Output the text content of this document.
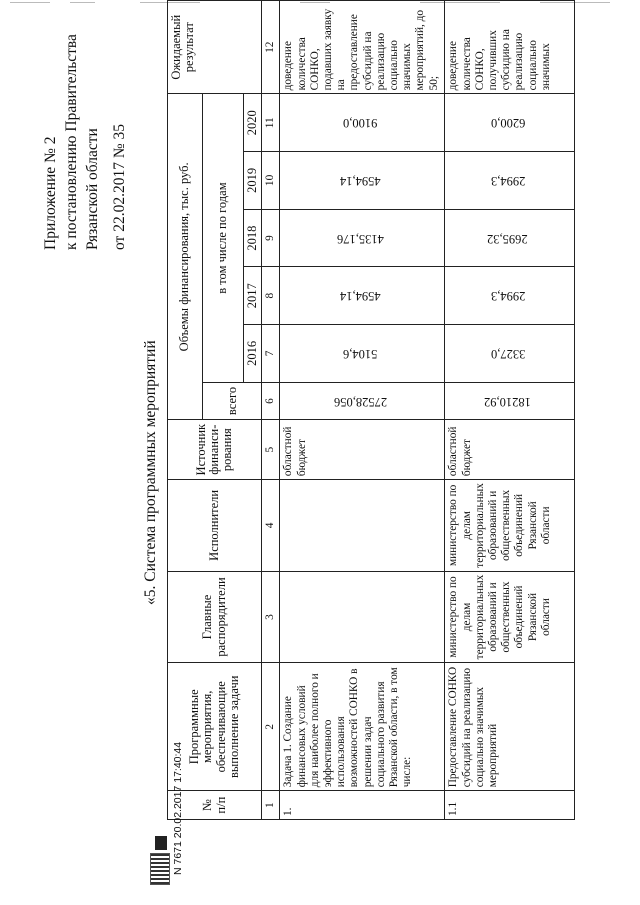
Приложение № 2 к постановлению Правительства Рязанской области от 22.02.2017 № 35
«5. Система программных мероприятий
№ п/п	Программные мероприятия, обеспечивающие выполнение задачи	Главные распорядители	Исполнители	Источник финанси-рования	Объемы финансирования, тыс. руб.						Ожидаемый результат
					всего	в том числе по годам					
						2016	2017	2018	2019	2020	
1	2	3	4	5	6	7	8	9	10	11	12
1.	Задача 1. Создание финансовых условий для наиболее полного и эффективного использования возможностей СОНКО в решении задач социального развития Рязанской области, в том числе:			областной бюджет	27528,056	5104,6	4594,14	4135,176	4594,14	9100,0	доведение количества СОНКО, подавших заявку на предоставление субсидий на реализацию социально значимых мероприятий, до 50;
1.1	Предоставление СОНКО субсидий на реализацию социально значимых мероприятий	министерство по делам территориальных образований и общественных объединений Рязанской области	министерство по делам территориальных образований и общественных объединений Рязанской области	областной бюджет	18210,92	3327,0	2994,3	2695,32	2994,3	6200,0	доведение количества СОНКО, получивших субсидию на реализацию социально значимых
N 7671 20.02.2017 17:40:44
